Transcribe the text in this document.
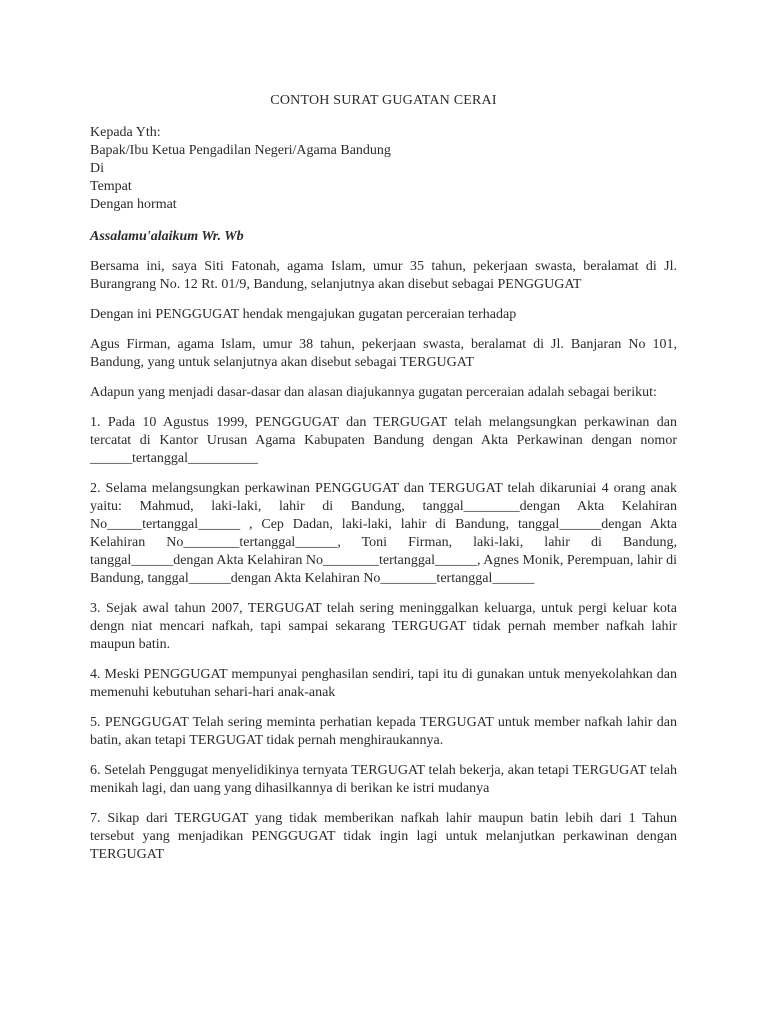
CONTOH SURAT GUGATAN CERAI

Kepada Yth:

Bapak/Ibu Ketua Pengadilan Negeri/Agama Bandung

Di

Tempat

Dengan hormat

Assalamu'alaikum Wr. Wb

Bersama ini, saya Siti Fatonah, agama Islam, umur 35 tahun, pekerjaan swasta, beralamat di Jl. Burangrang No. 12 Rt. 01/9, Bandung, selanjutnya akan disebut sebagai PENGGUGAT

Dengan ini PENGGUGAT hendak mengajukan gugatan perceraian terhadap

Agus Firman, agama Islam, umur 38 tahun, pekerjaan swasta, beralamat di Jl. Banjaran No 101, Bandung, yang untuk selanjutnya akan disebut sebagai TERGUGAT

Adapun yang menjadi dasar-dasar dan alasan diajukannya gugatan perceraian adalah sebagai berikut:

1. Pada 10 Agustus 1999, PENGGUGAT dan TERGUGAT telah melangsungkan perkawinan dan tercatat di Kantor Urusan Agama Kabupaten Bandung dengan Akta Perkawinan dengan nomor ______tertanggal__________

2. Selama melangsungkan perkawinan PENGGUGAT dan TERGUGAT telah dikaruniai 4 orang anak yaitu: Mahmud, laki-laki, lahir di Bandung, tanggal________dengan Akta Kelahiran No_____tertanggal______ , Cep Dadan, laki-laki, lahir di Bandung, tanggal______dengan Akta Kelahiran No________tertanggal______, Toni Firman, laki-laki, lahir di Bandung, tanggal______dengan Akta Kelahiran No________tertanggal______, Agnes Monik, Perempuan, lahir di Bandung, tanggal______dengan Akta Kelahiran No________tertanggal______

3. Sejak awal tahun 2007, TERGUGAT telah sering meninggalkan keluarga, untuk pergi keluar kota dengn niat mencari nafkah, tapi sampai sekarang TERGUGAT tidak pernah member nafkah lahir maupun batin.

4. Meski PENGGUGAT mempunyai penghasilan sendiri, tapi itu di gunakan untuk menyekolahkan dan memenuhi kebutuhan sehari-hari anak-anak

5. PENGGUGAT Telah sering meminta perhatian kepada TERGUGAT untuk member nafkah lahir dan batin, akan tetapi TERGUGAT tidak pernah menghiraukannya.

6. Setelah Penggugat menyelidikinya ternyata TERGUGAT telah bekerja, akan tetapi TERGUGAT telah menikah lagi, dan uang yang dihasilkannya di berikan ke istri mudanya

7. Sikap dari TERGUGAT yang tidak memberikan nafkah lahir maupun batin lebih dari 1 Tahun tersebut yang menjadikan PENGGUGAT tidak ingin lagi untuk melanjutkan perkawinan dengan TERGUGAT
